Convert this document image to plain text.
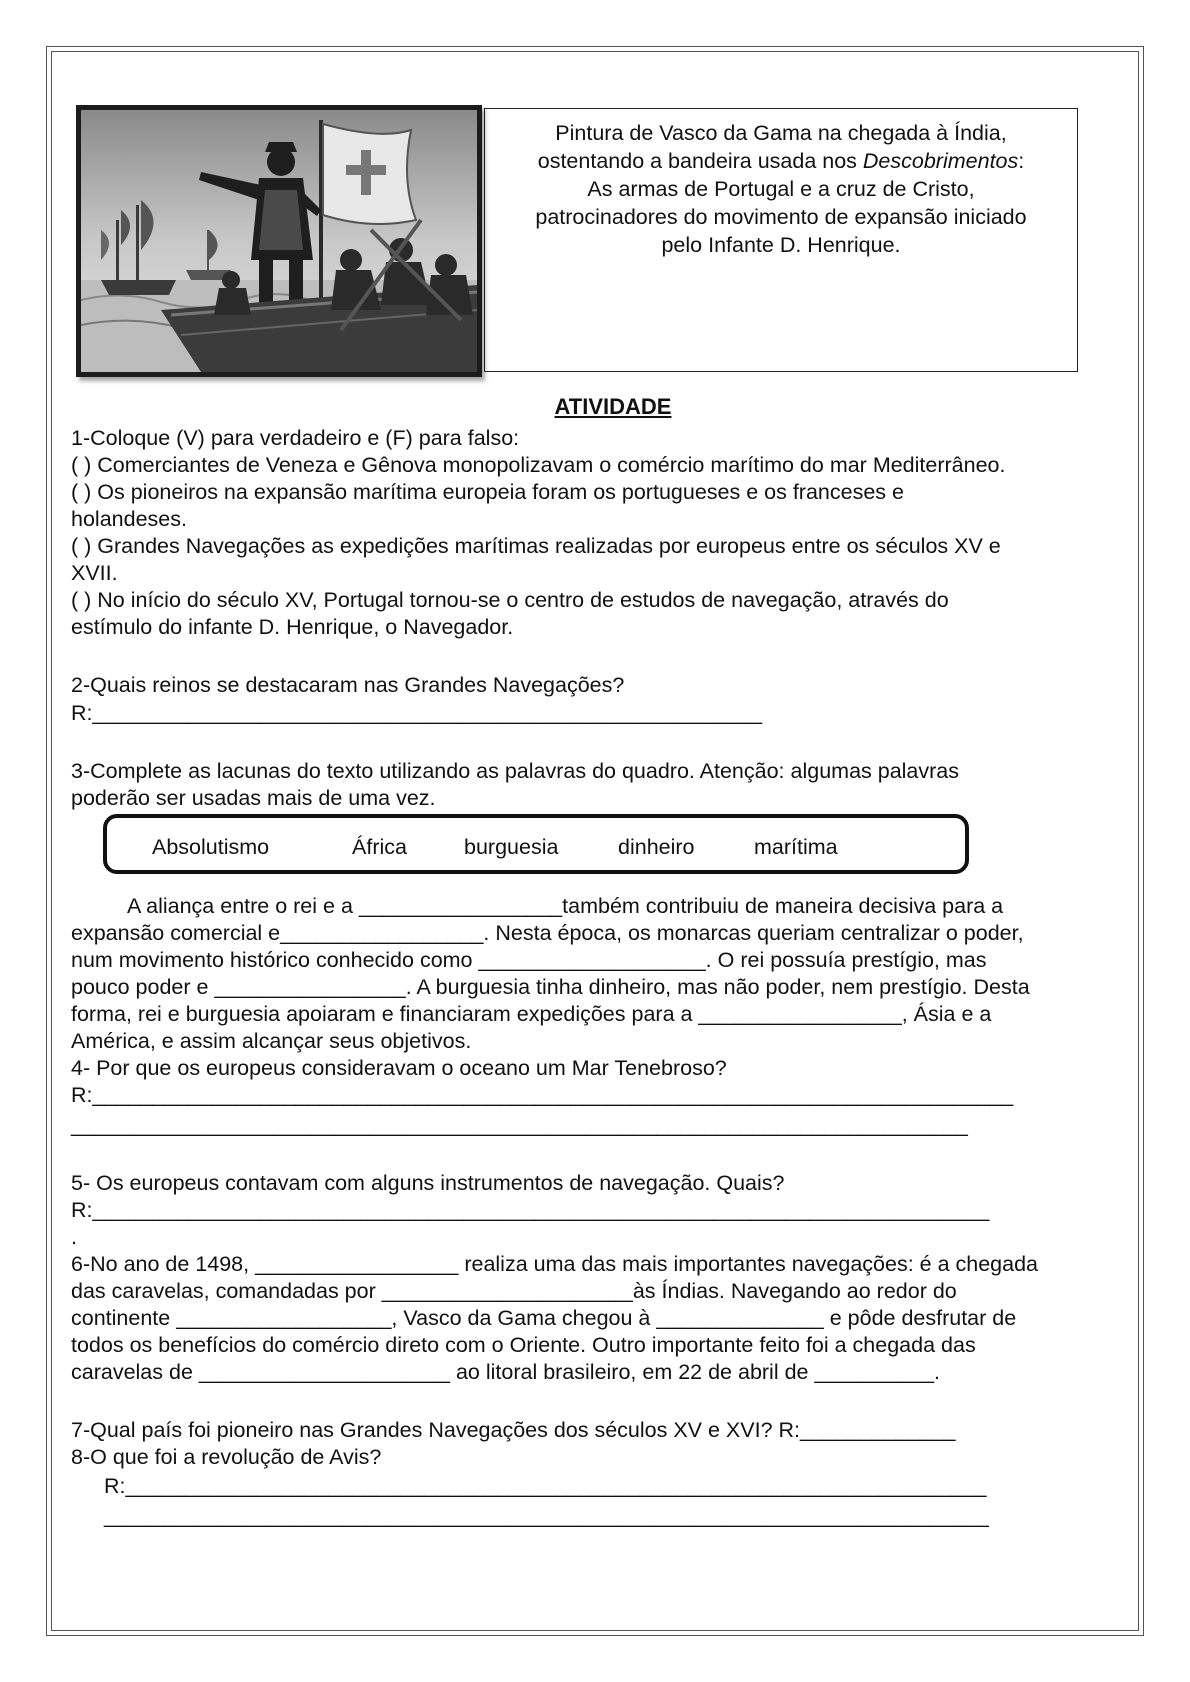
Pintura de Vasco da Gama na chegada à Índia,
ostentando a bandeira usada nos Descobrimentos:
As armas de Portugal e a cruz de Cristo,
patrocinadores do movimento de expansão iniciado
pelo Infante D. Henrique.
ATIVIDADE
1-Coloque (V) para verdadeiro e (F) para falso:
( ) Comerciantes de Veneza e Gênova monopolizavam o comércio marítimo do mar Mediterrâneo.
( ) Os pioneiros na expansão marítima europeia foram os portugueses e os franceses e
holandeses.
( ) Grandes Navegações as expedições marítimas realizadas por europeus entre os séculos XV e
XVII.
( ) No início do século XV, Portugal tornou-se o centro de estudos de navegação, através do
estímulo do infante D. Henrique, o Navegador.
2-Quais reinos se destacaram nas Grandes Navegações?
R:________________________________________________________
3-Complete as lacunas do texto utilizando as palavras do quadro. Atenção: algumas palavras
poderão ser usadas mais de uma vez.
Absolutismo	África	burguesia	dinheiro	marítima
A aliança entre o rei e a _________________também contribuiu de maneira decisiva para a
expansão comercial e_________________. Nesta época, os monarcas queriam centralizar o poder,
num movimento histórico conhecido como ___________________. O rei possuía prestígio, mas
pouco poder e ________________. A burguesia tinha dinheiro, mas não poder, nem prestígio. Desta
forma, rei e burguesia apoiaram e financiaram expedições para a _________________, Ásia e a
América, e assim alcançar seus objetivos.
4- Por que os europeus consideravam o oceano um Mar Tenebroso?
R:_____________________________________________________________________________
___________________________________________________________________________
5- Os europeus contavam com alguns instrumentos de navegação. Quais?
R:___________________________________________________________________________
.
6-No ano de 1498, _________________ realiza uma das mais importantes navegações: é a chegada
das caravelas, comandadas por _____________________às Índias. Navegando ao redor do
continente __________________, Vasco da Gama chegou à ______________ e pôde desfrutar de
todos os benefícios do comércio direto com o Oriente. Outro importante feito foi a chegada das
caravelas de _____________________ ao litoral brasileiro, em 22 de abril de __________.
7-Qual país foi pioneiro nas Grandes Navegações dos séculos XV e XVI? R:_____________
8-O que foi a revolução de Avis?
R:________________________________________________________________________
__________________________________________________________________________
